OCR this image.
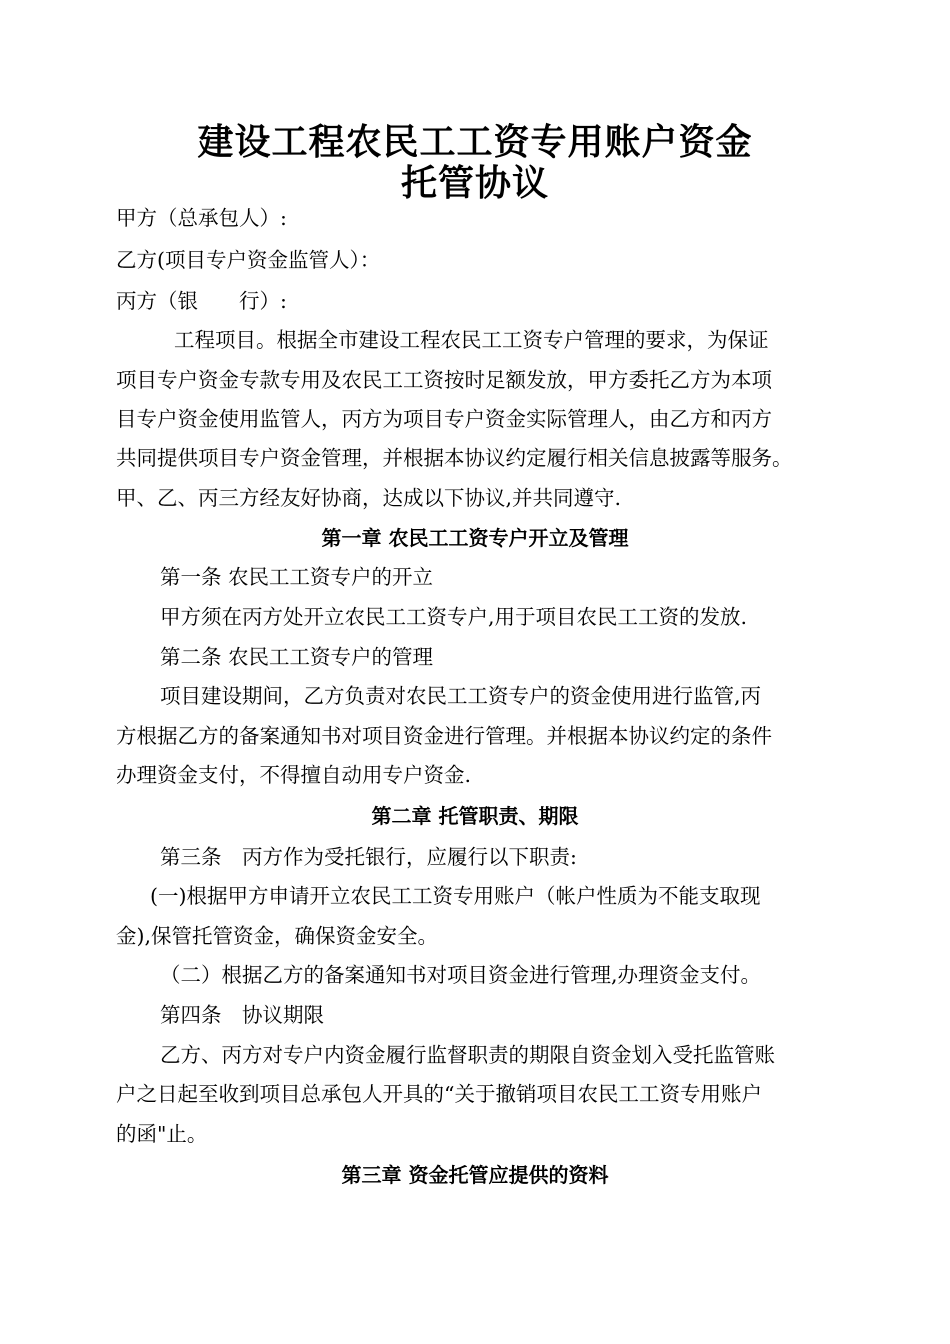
建设工程农民工工资专用账户资金
托管协议
甲方（总承包人）:
乙方(项目专户资金监管人）：
丙方（银　　行）:
工程项目。根据全市建设工程农民工工资专户管理的要求，为保证
项目专户资金专款专用及农民工工资按时足额发放，甲方委托乙方为本项
目专户资金使用监管人，丙方为项目专户资金实际管理人，由乙方和丙方
共同提供项目专户资金管理，并根据本协议约定履行相关信息披露等服务。
甲、乙、丙三方经友好协商，达成以下协议,并共同遵守.
第一章 农民工工资专户开立及管理
第一条 农民工工资专户的开立
甲方须在丙方处开立农民工工资专户,用于项目农民工工资的发放.
第二条 农民工工资专户的管理
项目建设期间，乙方负责对农民工工资专户的资金使用进行监管,丙
方根据乙方的备案通知书对项目资金进行管理。并根据本协议约定的条件
办理资金支付，不得擅自动用专户资金.
第二章 托管职责、期限
第三条　丙方作为受托银行，应履行以下职责:
(一)根据甲方申请开立农民工工资专用账户（帐户性质为不能支取现
金),保管托管资金，确保资金安全。
（二）根据乙方的备案通知书对项目资金进行管理,办理资金支付。
第四条　协议期限
乙方、丙方对专户内资金履行监督职责的期限自资金划入受托监管账
户之日起至收到项目总承包人开具的“关于撤销项目农民工工资专用账户
的函"止。
第三章 资金托管应提供的资料
